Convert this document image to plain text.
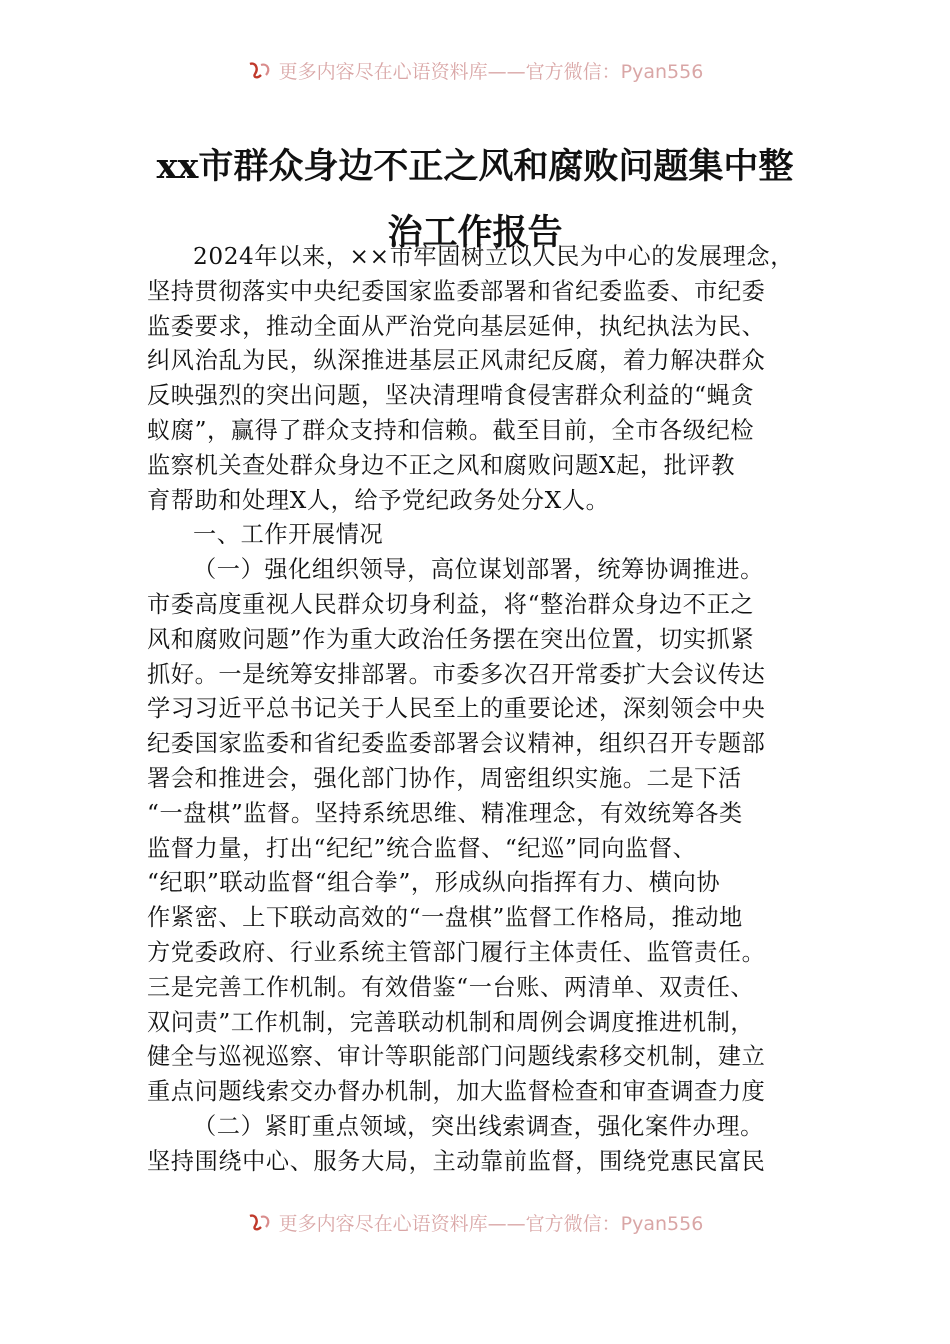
更多内容尽在心语资料库——官方微信：Pyan556
xx市群众身边不正之风和腐败问题集中整
治工作报告
2024年以来，××市牢固树立以人民为中心的发展理念，
坚持贯彻落实中央纪委国家监委部署和省纪委监委、市纪委
监委要求，推动全面从严治党向基层延伸，执纪执法为民、
纠风治乱为民，纵深推进基层正风肃纪反腐，着力解决群众
反映强烈的突出问题，坚决清理啃食侵害群众利益的“蝇贪
蚁腐”，赢得了群众支持和信赖。截至目前，全市各级纪检
监察机关查处群众身边不正之风和腐败问题X起，批评教
育帮助和处理X人，给予党纪政务处分X人。
一、工作开展情况
（一）强化组织领导，高位谋划部署，统筹协调推进。
市委高度重视人民群众切身利益，将“整治群众身边不正之
风和腐败问题”作为重大政治任务摆在突出位置，切实抓紧
抓好。一是统筹安排部署。市委多次召开常委扩大会议传达
学习习近平总书记关于人民至上的重要论述，深刻领会中央
纪委国家监委和省纪委监委部署会议精神，组织召开专题部
署会和推进会，强化部门协作，周密组织实施。二是下活
“一盘棋”监督。坚持系统思维、精准理念，有效统筹各类
监督力量，打出“纪纪”统合监督、“纪巡”同向监督、
“纪职”联动监督“组合拳”，形成纵向指挥有力、横向协
作紧密、上下联动高效的“一盘棋”监督工作格局，推动地
方党委政府、行业系统主管部门履行主体责任、监管责任。
三是完善工作机制。有效借鉴“一台账、两清单、双责任、
双问责”工作机制，完善联动机制和周例会调度推进机制，
健全与巡视巡察、审计等职能部门问题线索移交机制，建立
重点问题线索交办督办机制，加大监督检查和审查调查力度
（二）紧盯重点领域，突出线索调查，强化案件办理。
坚持围绕中心、服务大局，主动靠前监督，围绕党惠民富民
更多内容尽在心语资料库——官方微信：Pyan556
